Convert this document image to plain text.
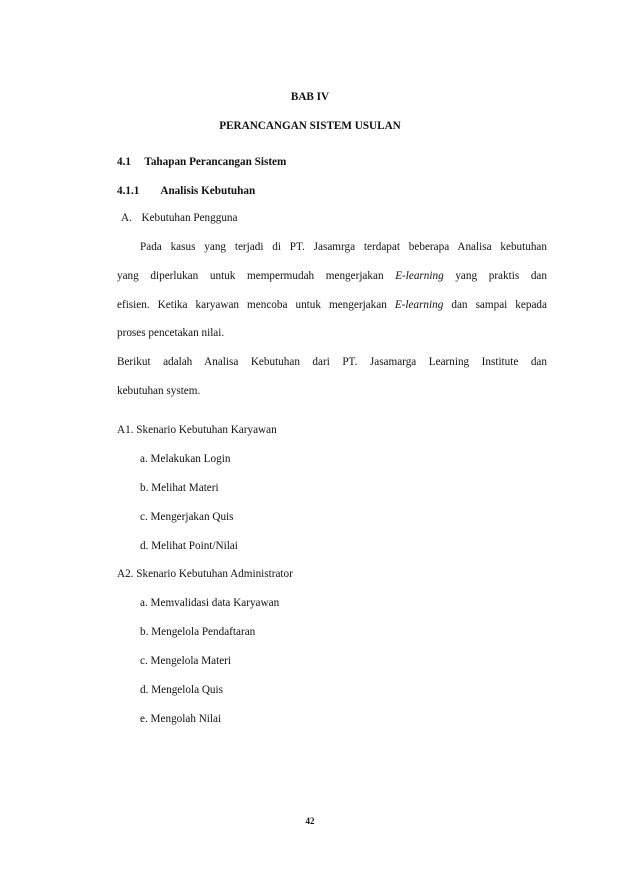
BAB IV
PERANCANGAN SISTEM USULAN
4.1 Tahapan Perancangan Sistem
4.1.1 Analisis Kebutuhan
A. Kebutuhan Pengguna
Pada kasus yang terjadi di PT. Jasamrga terdapat beberapa Analisa kebutuhan
yang diperlukan untuk mempermudah mengerjakan E-learning yang praktis dan
efisien. Ketika karyawan mencoba untuk mengerjakan E-learning dan sampai kepada
proses pencetakan nilai.
Berikut adalah Analisa Kebutuhan dari PT. Jasamarga Learning Institute dan
kebutuhan system.
A1. Skenario Kebutuhan Karyawan
a. Melakukan Login
b. Melihat Materi
c. Mengerjakan Quis
d. Melihat Point/Nilai
A2. Skenario Kebutuhan Administrator
a. Memvalidasi data Karyawan
b. Mengelola Pendaftaran
c. Mengelola Materi
d. Mengelola Quis
e. Mengolah Nilai
42
